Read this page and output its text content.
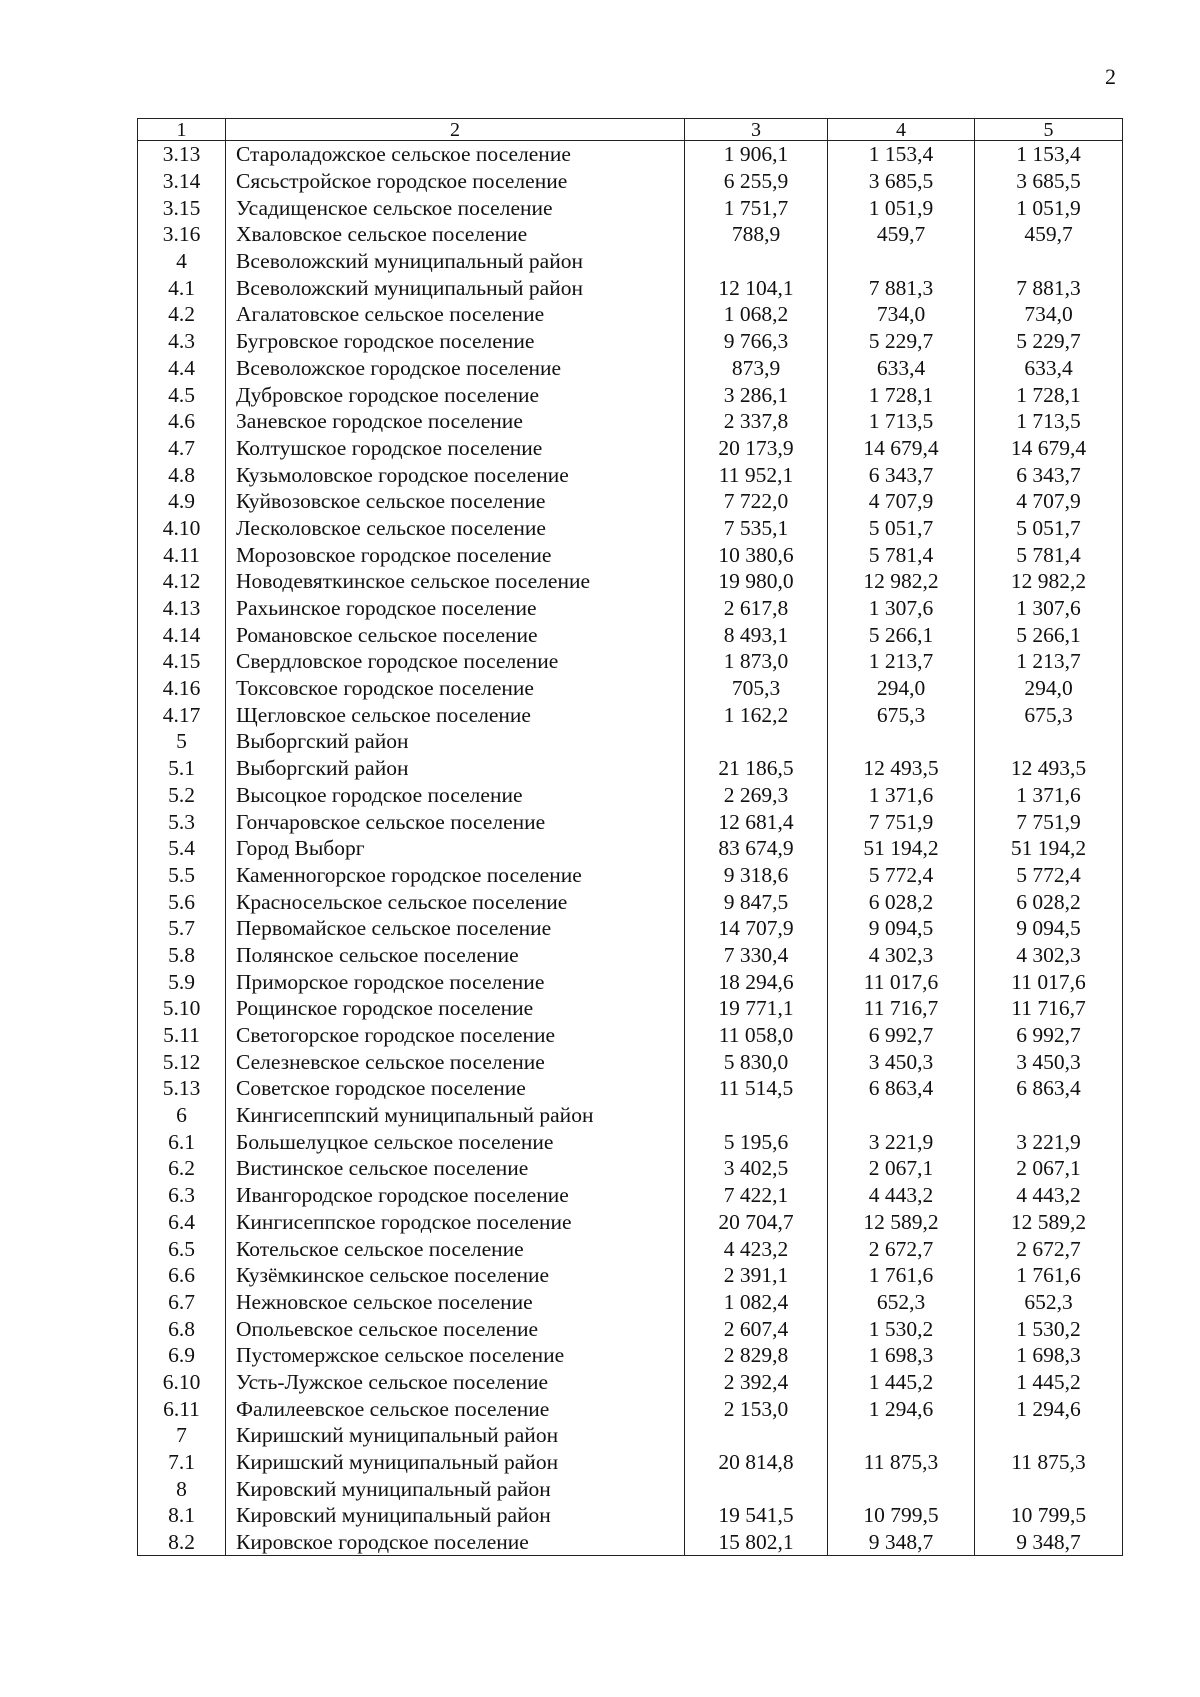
2
1	2	3	4	5
3.13	Староладожское сельское поселение	1 906,1	1 153,4	1 153,4
3.14	Сясьстройское городское поселение	6 255,9	3 685,5	3 685,5
3.15	Усадищенское сельское поселение	1 751,7	1 051,9	1 051,9
3.16	Хваловское сельское поселение	788,9	459,7	459,7
4	Всеволожский муниципальный район			
4.1	Всеволожский муниципальный район	12 104,1	7 881,3	7 881,3
4.2	Агалатовское сельское поселение	1 068,2	734,0	734,0
4.3	Бугровское городское поселение	9 766,3	5 229,7	5 229,7
4.4	Всеволожское городское поселение	873,9	633,4	633,4
4.5	Дубровское городское поселение	3 286,1	1 728,1	1 728,1
4.6	Заневское городское поселение	2 337,8	1 713,5	1 713,5
4.7	Колтушское городское поселение	20 173,9	14 679,4	14 679,4
4.8	Кузьмоловское городское поселение	11 952,1	6 343,7	6 343,7
4.9	Куйвозовское сельское поселение	7 722,0	4 707,9	4 707,9
4.10	Лесколовское сельское поселение	7 535,1	5 051,7	5 051,7
4.11	Морозовское городское поселение	10 380,6	5 781,4	5 781,4
4.12	Новодевяткинское сельское поселение	19 980,0	12 982,2	12 982,2
4.13	Рахьинское городское поселение	2 617,8	1 307,6	1 307,6
4.14	Романовское сельское поселение	8 493,1	5 266,1	5 266,1
4.15	Свердловское городское поселение	1 873,0	1 213,7	1 213,7
4.16	Токсовское городское поселение	705,3	294,0	294,0
4.17	Щегловское сельское поселение	1 162,2	675,3	675,3
5	Выборгский район			
5.1	Выборгский район	21 186,5	12 493,5	12 493,5
5.2	Высоцкое городское поселение	2 269,3	1 371,6	1 371,6
5.3	Гончаровское сельское поселение	12 681,4	7 751,9	7 751,9
5.4	Город Выборг	83 674,9	51 194,2	51 194,2
5.5	Каменногорское городское поселение	9 318,6	5 772,4	5 772,4
5.6	Красносельское сельское поселение	9 847,5	6 028,2	6 028,2
5.7	Первомайское сельское поселение	14 707,9	9 094,5	9 094,5
5.8	Полянское сельское поселение	7 330,4	4 302,3	4 302,3
5.9	Приморское городское поселение	18 294,6	11 017,6	11 017,6
5.10	Рощинское городское поселение	19 771,1	11 716,7	11 716,7
5.11	Светогорское городское поселение	11 058,0	6 992,7	6 992,7
5.12	Селезневское сельское поселение	5 830,0	3 450,3	3 450,3
5.13	Советское городское поселение	11 514,5	6 863,4	6 863,4
6	Кингисеппский муниципальный район			
6.1	Большелуцкое сельское поселение	5 195,6	3 221,9	3 221,9
6.2	Вистинское сельское поселение	3 402,5	2 067,1	2 067,1
6.3	Ивангородское городское поселение	7 422,1	4 443,2	4 443,2
6.4	Кингисеппское городское поселение	20 704,7	12 589,2	12 589,2
6.5	Котельское сельское поселение	4 423,2	2 672,7	2 672,7
6.6	Кузёмкинское сельское поселение	2 391,1	1 761,6	1 761,6
6.7	Нежновское сельское поселение	1 082,4	652,3	652,3
6.8	Опольевское сельское поселение	2 607,4	1 530,2	1 530,2
6.9	Пустомержское сельское поселение	2 829,8	1 698,3	1 698,3
6.10	Усть-Лужское сельское поселение	2 392,4	1 445,2	1 445,2
6.11	Фалилеевское сельское поселение	2 153,0	1 294,6	1 294,6
7	Киришский муниципальный район			
7.1	Киришский муниципальный район	20 814,8	11 875,3	11 875,3
8	Кировский муниципальный район			
8.1	Кировский муниципальный район	19 541,5	10 799,5	10 799,5
8.2	Кировское городское поселение	15 802,1	9 348,7	9 348,7
